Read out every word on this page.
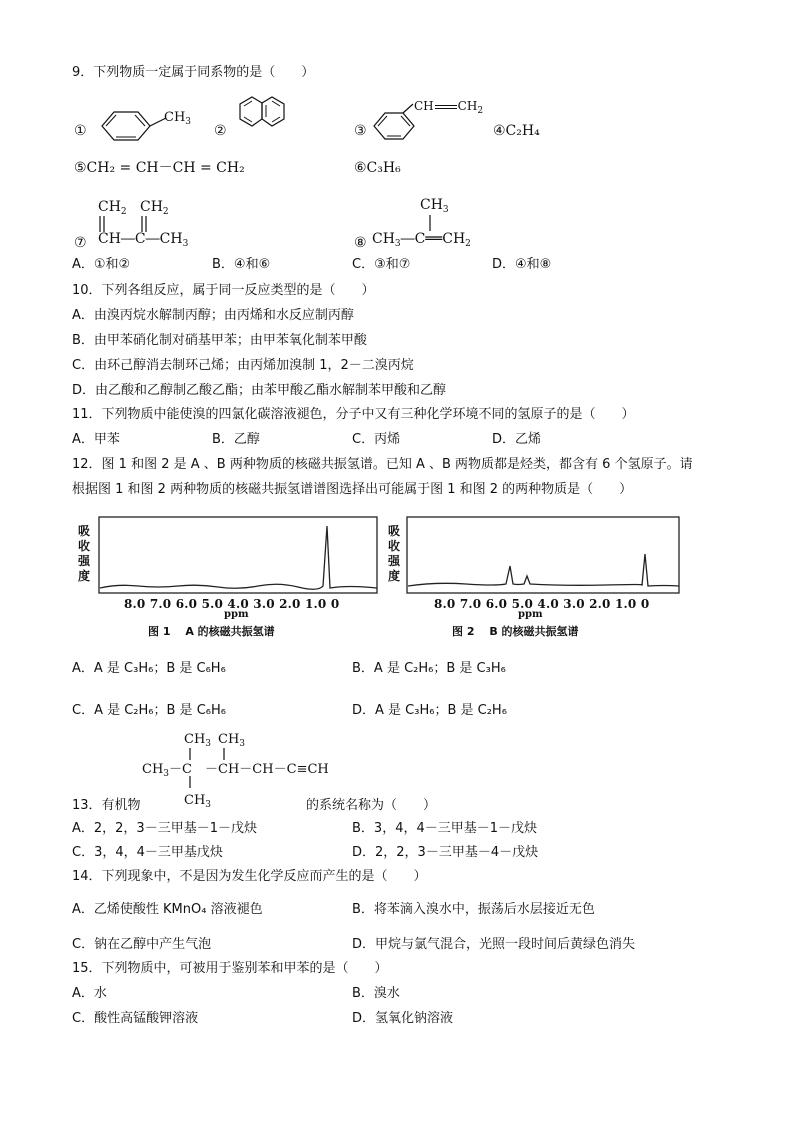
9．下列物质一定属于同系物的是（　　）
①
$CH_3$
②	③
CH $CH_2$
④C₂H₄
⑤CH₂ = CH－CH = CH₂	⑥C₃H₆
⑦
$CH_2$ $CH_2$
$CH―C―CH_3$	⑧
$CH_3$
$CH_3―C══CH_2$
A．①和②	B．④和⑥	C．③和⑦	D．④和⑧
10．下列各组反应，属于同一反应类型的是（　　）
A．由溴丙烷水解制丙醇；由丙烯和水反应制丙醇
B．由甲苯硝化制对硝基甲苯；由甲苯氧化制苯甲酸
C．由环己醇消去制环己烯；由丙烯加溴制 1，2－二溴丙烷
D．由乙酸和乙醇制乙酸乙酯；由苯甲酸乙酯水解制苯甲酸和乙醇
11．下列物质中能使溴的四氯化碳溶液褪色，分子中又有三种化学环境不同的氢原子的是（　　）
A．甲苯	B．乙醇	C．丙烯	D．乙烯
12．图 1 和图 2 是 A 、B 两种物质的核磁共振氢谱。已知 A 、B 两物质都是烃类，都含有 6 个氢原子。请
根据图 1 和图 2 两种物质的核磁共振氢谱谱图选择出可能属于图 1 和图 2 的两种物质是（　　）
吸
收
强
度
8.0 7.0 6.0 5.0 4.0 3.0 2.0 1.0 0
ppm
图 1　 A 的核磁共振氢谱
吸
收
强
度
8.0 7.0 6.0 5.0 4.0 3.0 2.0 1.0 0
ppm
图 2　 B 的核磁共振氢谱
A．A 是 C₃H₆；B 是 C₆H₆	B．A 是 C₂H₆；B 是 C₃H₆
C．A 是 C₂H₆；B 是 C₆H₆	D．A 是 C₃H₆；B 是 C₂H₆
$CH_3$ $CH_3$
$CH_3-C$　－CH－CH－C≡CH
$CH_3$
13．有机物	的系统名称为（　　）
A．2，2，3－三甲基－1－戊炔	B．3，4，4－三甲基－1－戊炔
C．3，4，4－三甲基戊炔	D．2，2，3－三甲基－4－戊炔
14．下列现象中，不是因为发生化学反应而产生的是（　　）
A．乙烯使酸性 KMnO₄ 溶液褪色	B．将苯滴入溴水中，振荡后水层接近无色
C．钠在乙醇中产生气泡	D．甲烷与氯气混合，光照一段时间后黄绿色消失
15．下列物质中，可被用于鉴别苯和甲苯的是（　　）
A．水	B．溴水
C．酸性高锰酸钾溶液	D．氢氧化钠溶液
